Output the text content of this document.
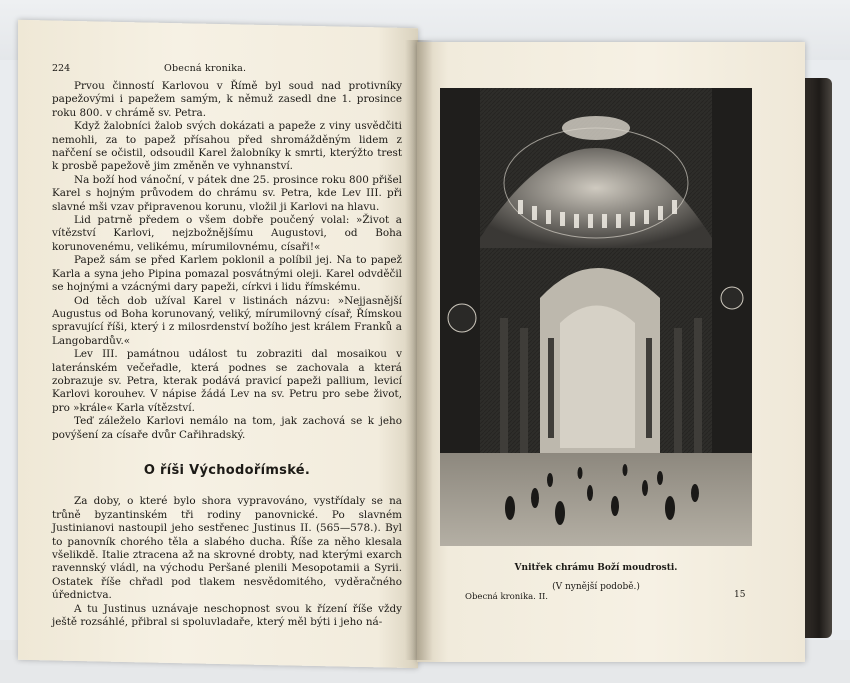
224	Obecná kronika.

Prvou činností Karlovou v Římě byl soud nad protivníky papežovými i papežem samým, k němuž zasedl dne 1. prosince roku 800. v chrámě sv. Petra.

Když žalobníci žalob svých dokázati a papeže z viny usvědčiti nemohli, za to papež přísahou před shromážděným lidem z nařčení se očistil, odsoudil Karel žalobníky k smrti, kterýžto trest k prosbě papežově jim změněn ve vyhnanství.

Na boží hod vánoční, v pátek dne 25. prosince roku 800 přišel Karel s hojným průvodem do chrámu sv. Petra, kde Lev III. při slavné mši vzav připravenou korunu, vložil ji Karlovi na hlavu.

Lid patrně předem o všem dobře poučený volal: »Život a vítězství Karlovi, nejzbožnějšímu Augustovi, od Boha korunovenému, velikému, mírumilovnému, císaři!«

Papež sám se před Karlem poklonil a políbil jej. Na to papež Karla a syna jeho Pipina pomazal posvátnými oleji. Karel odvděčil se hojnými a vzácnými dary papeži, církvi i lidu římskému.

Od těch dob užíval Karel v listinách názvu: »Nejjasnější Augustus od Boha korunovaný, veliký, mírumilovný císař, Římskou spravující říši, který i z milosrdenství božího jest králem Franků a Langobardův.«

Lev III. památnou událost tu zobraziti dal mosaikou v lateránském večeřadle, která podnes se zachovala a která zobrazuje sv. Petra, kterak podává pravicí papeži pallium, levicí Karlovi korouhev. V nápise žádá Lev na sv. Petru pro sebe život, pro »krále« Karla vítězství.

Teď záleželo Karlovi nemálo na tom, jak zachová se k jeho povýšení za císaře dvůr Cařihradský.

O říši Východořímské.

Za doby, o které bylo shora vypravováno, vystřídaly se na trůně byzantinském tři rodiny panovnické. Po slavném Justinianovi nastoupil jeho sestřenec Justinus II. (565—578.). Byl to panovník chorého těla a slabého ducha. Říše za něho klesala všelikdě. Italie ztracena až na skrovné drobty, nad kterými exarch ravennský vládl, na východu Peršané plenili Mesopotamii a Syrii. Ostatek říše chřadl pod tlakem nesvědomitého, vyděračného úřednictva.

A tu Justinus uznávaje neschopnost svou k řízení říše vždy ještě rozsáhlé, přibral si spoluvladaře, který měl býti i jeho ná-

Vnitřek chrámu Boží moudrosti.
(V nynější podobě.)
Obecná kronika. II.	15
